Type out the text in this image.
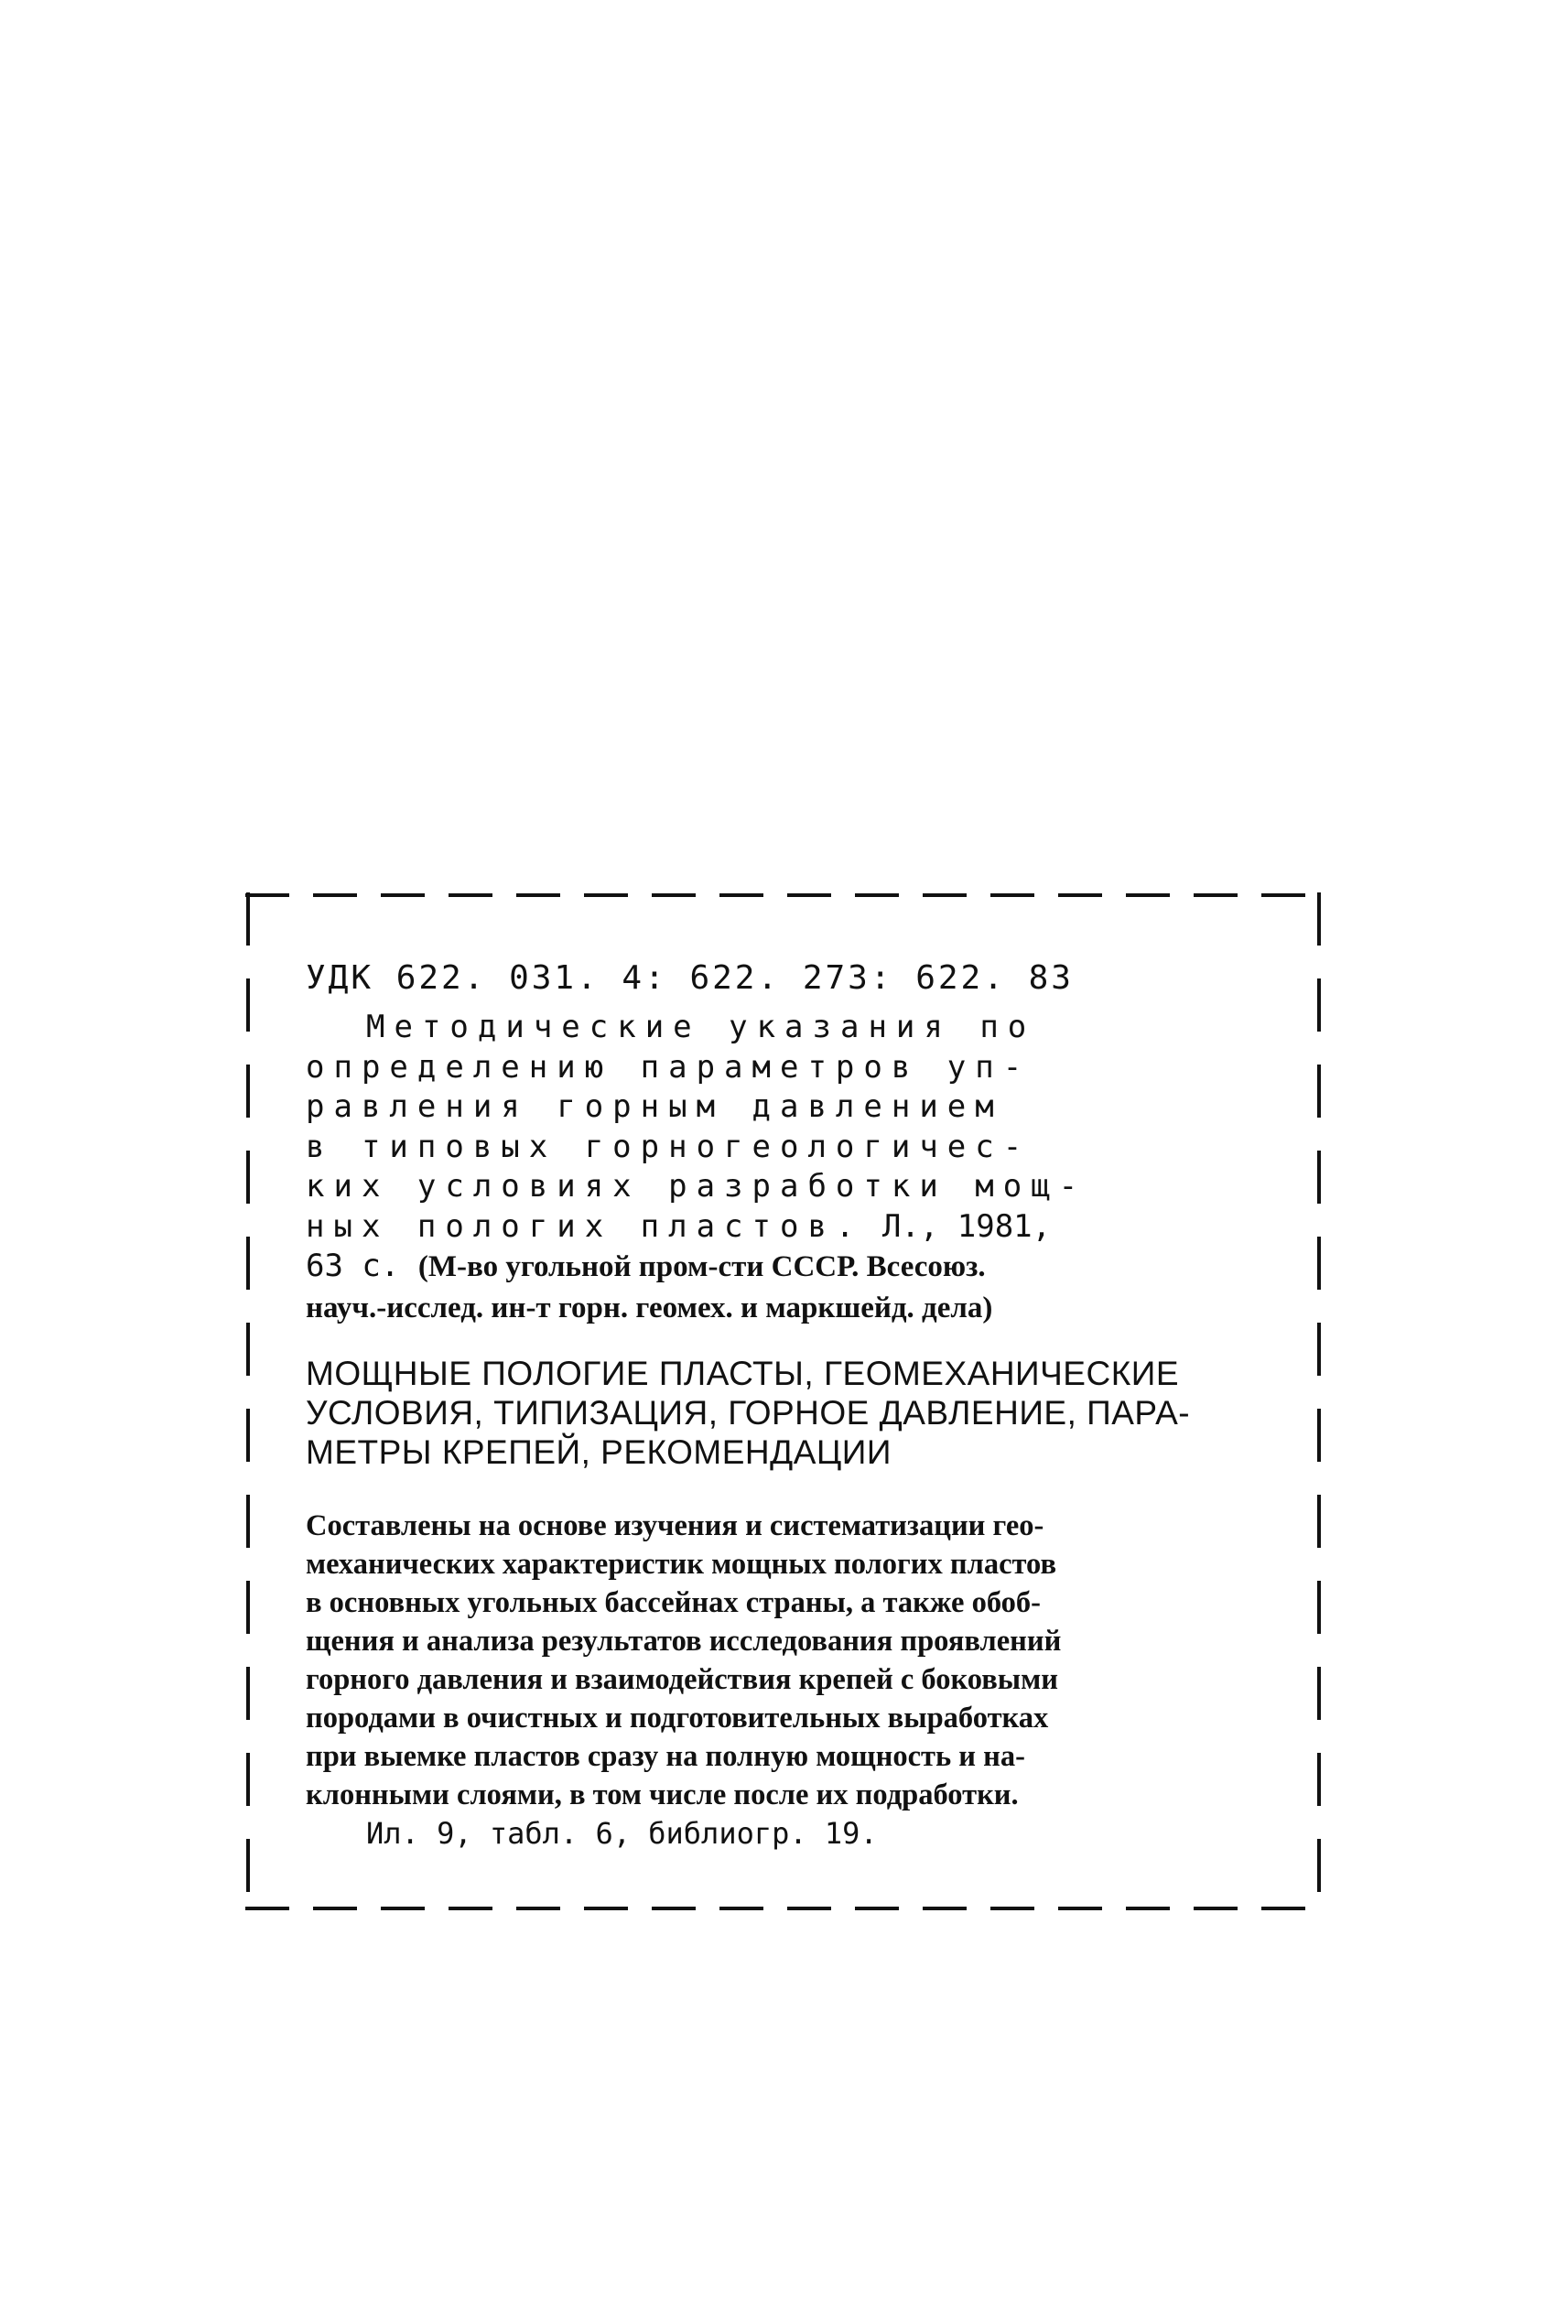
УДК 622. 031. 4: 622. 273: 622. 83
Методические указания по
определению параметров уп-
равления горным давлением
в типовых горногеологичес-
ких условиях разработки мощ-
ных пологих пластов. Л., 1981,
63 с. (М-во угольной пром-сти СССР. Всесоюз.
науч.-исслед. ин-т горн. геомех. и маркшейд. дела)
МОЩНЫЕ ПОЛОГИЕ ПЛАСТЫ, ГЕОМЕХАНИЧЕСКИЕ
УСЛОВИЯ, ТИПИЗАЦИЯ, ГОРНОЕ ДАВЛЕНИЕ, ПАРА-
МЕТРЫ КРЕПЕЙ, РЕКОМЕНДАЦИИ
Составлены на основе изучения и систематизации гео-
механических характеристик мощных пологих пластов
в основных угольных бассейнах страны, а также обоб-
щения и анализа результатов исследования проявлений
горного давления и взаимодействия крепей с боковыми
породами в очистных и подготовительных выработках
при выемке пластов сразу на полную мощность и на-
клонными слоями, в том числе после их подработки.
Ил. 9, табл. 6, библиогр. 19.
